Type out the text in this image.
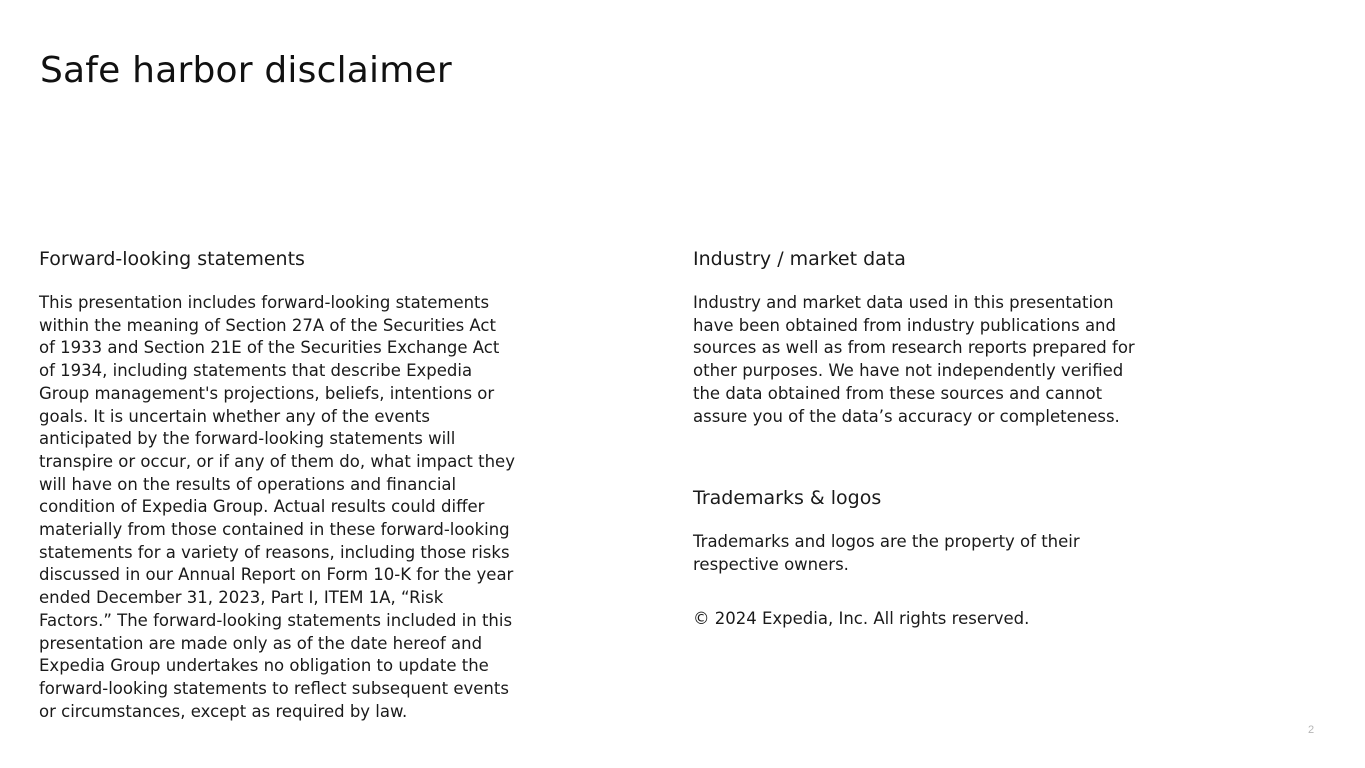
Safe harbor disclaimer
Forward-looking statements

This presentation includes forward-looking statements within the meaning of Section 27A of the Securities Act of 1933 and Section 21E of the Securities Exchange Act of 1934, including statements that describe Expedia Group management's projections, beliefs, intentions or goals. It is uncertain whether any of the events anticipated by the forward-looking statements will transpire or occur, or if any of them do, what impact they will have on the results of operations and financial condition of Expedia Group. Actual results could differ materially from those contained in these forward-looking statements for a variety of reasons, including those risks discussed in our Annual Report on Form 10-K for the year ended December 31, 2023, Part I, ITEM 1A, “Risk Factors.” The forward-looking statements included in this presentation are made only as of the date hereof and Expedia Group undertakes no obligation to update the forward-looking statements to reflect subsequent events or circumstances, except as required by law.

Industry / market data

Industry and market data used in this presentation have been obtained from industry publications and sources as well as from research reports prepared for other purposes. We have not independently verified the data obtained from these sources and cannot assure you of the data’s accuracy or completeness.

Trademarks & logos

Trademarks and logos are the property of their respective owners.

© 2024 Expedia, Inc. All rights reserved.

2
